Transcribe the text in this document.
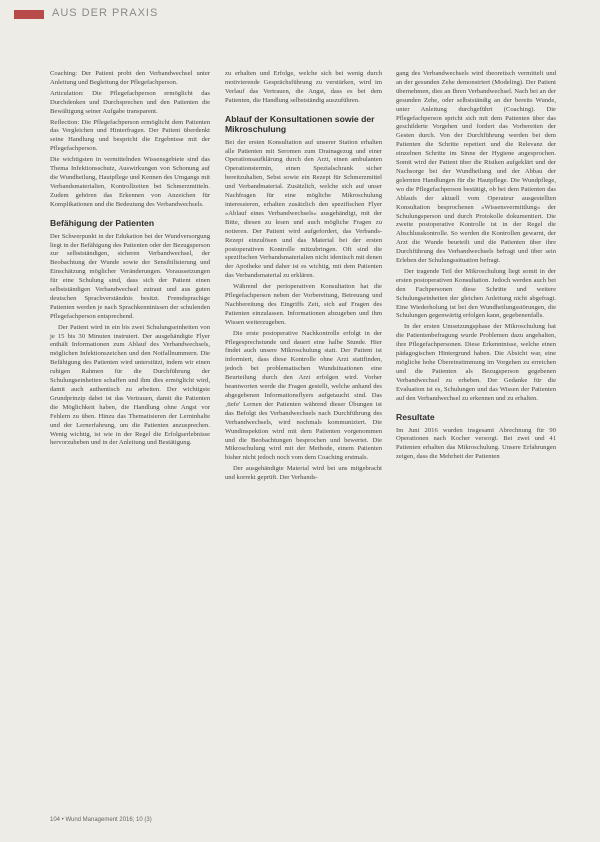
AUS DER PRAXIS

Coaching: Der Patient probt den Verbandwechsel unter Anleitung und Begleitung der Pflegefachperson.

Articulation: Die Pflegefachperson ermöglicht das Durchdenken und Durchsprechen und den Patienten die Bewältigung seiner Aufgabe transparent.

Reflection: Die Pflegefachperson ermöglicht dem Patienten das Vergleichen und Hinterfragen. Der Patient überdenkt seine Handlung und bespricht die Ergebnisse mit der Pflegefachperson.

Die wichtigsten in vermittelnden Wissensgebiete sind das Thema Infektionsschutz, Auswirkungen von Schonung auf die Wundheilung, Hautpflege und Kennen des Umgangs mit Verbandsmaterialien, Kontrollzeiten bei Schmerzmitteln. Zudem gehören das Erkennen von Anzeichen für Komplikationen und die Bedeutung des Verbandwechsels.

Befähigung der Patienten

Der Schwerpunkt in der Edukation bei der Wundversorgung liegt in der Befähigung des Patienten oder der Bezugsperson zur selbstständigen, sicheren Verbandwechsel, der Beobachtung der Wunde sowie der Sensibilisierung und Einschätzung möglicher Veränderungen. Voraussetzungen für eine Schulung sind, dass sich der Patient einen selbstständigen Verbandwechsel zutraut und aus guten deutschen Sprachverständnis besitzt. Fremdsprachige Patienten werden je nach Sprachkenntnissen der schulenden Pflegefachperson entsprechend.

Der Patient wird in ein bis zwei Schulungseinheiten von je 15 bis 30 Minuten instruiert. Der ausgehändigte Flyer enthält Informationen zum Ablauf des Verbandwechsels, möglichen Infektionszeichen und den Notfallnummern. Die Befähigung des Patienten wird unterstützt, indem wir einen ruhigen Rahmen für die Durchführung der Schulungseinheiten schaffen und ihm dies ermöglicht wird, damit auch authentisch zu arbeiten. Der wichtigste Grundprinzip dabei ist das Vertrauen, damit die Patienten die Möglichkeit haben, die Handlung ohne Angst vor Fehlern zu üben. Hinzu das Thematisieren der Lerninhalte und der Lernerfahrung, um die Patienten anzusprechen. Wenig wichtig, ist wie in der Regel die Erfolgserlebnisse hervorzuheben und in der Anleitung und Bestätigung.

zu erhalten und Erfolge, welche sich bei wenig durch motivierende Gesprächsführung zu verstärken, wird im Verlauf das Vertrauen, die Angst, dass es bei dem Patienten, die Handlung selbstständig auszuführen.

Ablauf der Konsultationen sowie der Mikroschulung

Bei der ersten Konsultation auf unserer Station erhalten alle Patienten mit Seromen zum Drainagezug und einer Operationsaufklärung durch den Arzt, einen ambulanten Operationstermin, einen Spezialschrank sicher bereitzuhalten, Sebst sowie ein Rezept für Schmerzmittel und Verbandmaterial. Zusätzlich, welche sich auf unser Nachfragen für eine mögliche Mikroschulung interessieren, erhalten zusätzlich den spezifischen Flyer »Ablauf eines Verbandwechsels« ausgehändigt, mit der Bitte, diesen zu lesen und auch mögliche Fragen zu notieren. Der Patient wird aufgefordert, das Verbands-Rezept einzulösen und das Material bei der ersten postoperativen Kontrolle mitzubringen. Oft sind die spezifischen Verbandsmaterialien nicht identisch mit denen der Apotheke und daher ist es wichtig, mit dem Patienten das Verbandsmaterial zu erklären.

Während der perioperativen Konsultation hat die Pflegefachperson neben der Vorbereitung, Betreuung und Nachbereitung des Eingriffs Zeit, sich auf Fragen des Patienten einzulassen. Informationen abzugeben und ihm Wissen weiterzugeben.

Die erste postoperative Nachkontrolle erfolgt in der Pflegesprechstunde und dauert eine halbe Stunde. Hier findet auch unsere Mikroschulung statt. Der Patient ist informiert, dass diese Kontrolle ohne Arzt stattfinden, jedoch bei problematischen Wundsituationen eine Beurteilung durch den Arzt erfolgen wird. Vorher beantworten werde die Fragen gestellt, welche anhand des abgegebenen Informationsflyers aufgetaucht sind. Das ‚tiefe' Lernen der Patienten während dieser Übungen ist das Befolgt des Verbandwechsels nach Durchführung des Verbandwechsels, wird nochmals kommuniziert. Die Wundinspektion wird mit dem Patienten vorgenommen und die Beobachtungen besprochen und bewertet. Die Mikroschulung wird mit der Methode, einem Patienten bisher nicht jedoch noch vom dem Coaching erstmals.

Der ausgehändigte Material wird bei uns mitgebracht und korrekt geprüft. Der Verbands-

gang des Verbandwechsels wird theoretisch vermittelt und an der gesunden Zehe demonstriert (Modeling). Der Patient übernehmen, dies an Ihren Verbandwechsel. Nach bei an der gesunden Zehe, oder selbstständig an der bereits Wunde, unter Anleitung durchgeführt (Coaching). Die Pflegefachperson spricht sich mit dem Patienten über das geschilderte Vorgehen und fordert das Vorbereiten der Gesten durch. Von der Durchführung werden bei dem Patienten die Schritte repetiert und die Relevanz der einzelnen Schritte im Sinne der Hygiene angesprochen. Somit wird der Patient über die Risiken aufgeklärt und der Nachsorge bei der Wundheilung und der Abbau der gelernten Handlungen für die Hautpflege. Die Wundpflege, wo die Pflegefachperson bestätigt, ob bei dem Patienten das Ablaufs der aktuell vom Operateur ausgestellten Konsultation besprochenen »Wissensvermittlung« der Schulungsperson und durch Protokolle dokumentiert. Die zweite postoperative Kontrolle ist in der Regel die Abschlusskontrolle. So werden die Kontrollen gewarnt, der Arzt die Wunde beurteilt und die Patienten über ihre Durchführung des Verbandwechsels befragt und über sein Erleben der Schulungssituation befragt.

Der tragende Teil der Mikroschulung liegt somit in der ersten postoperativen Konsultation. Jedoch werden auch bei den Fachpersonen diese Schritte und weitere Schulungseinheiten der gleichen Anleitung nicht abgefragt. Eine Wiederholung ist bei den Wundheilungsstörungen, die Schulungen gegenwärtig erfolgen kann, gegebenenfalls.

In der ersten Umsetzungsphase der Mikroschulung hat die Patientenbefragung wurde Problemen dazu angehalten, ihre Pflegefachpersonen. Diese Erkenntnisse, welche einen pädagogischen Hintergrund haben. Die Absicht war, eine mögliche hohe Übereinstimmung im Vorgehen zu erreichen und die Patienten als Bezugsperson gegebenen Verbandwechsel zu erheben. Der Gedanke für die Evaluation ist es, Schulungen und das Wissen der Patienten auf den Verbandwechsel zu erkennen und zu erhalten.

Resultate

Im Juni 2016 wurden insgesamt Abrechnung für 90 Operationen nach Kocher versorgt. Bei zwei und 41 Patienten erhalten das Mikroschulung. Unsere Erfahrungen zeigen, dass die Mehrheit der Patienten

104 • Wund Management 2016; 10 (3)
